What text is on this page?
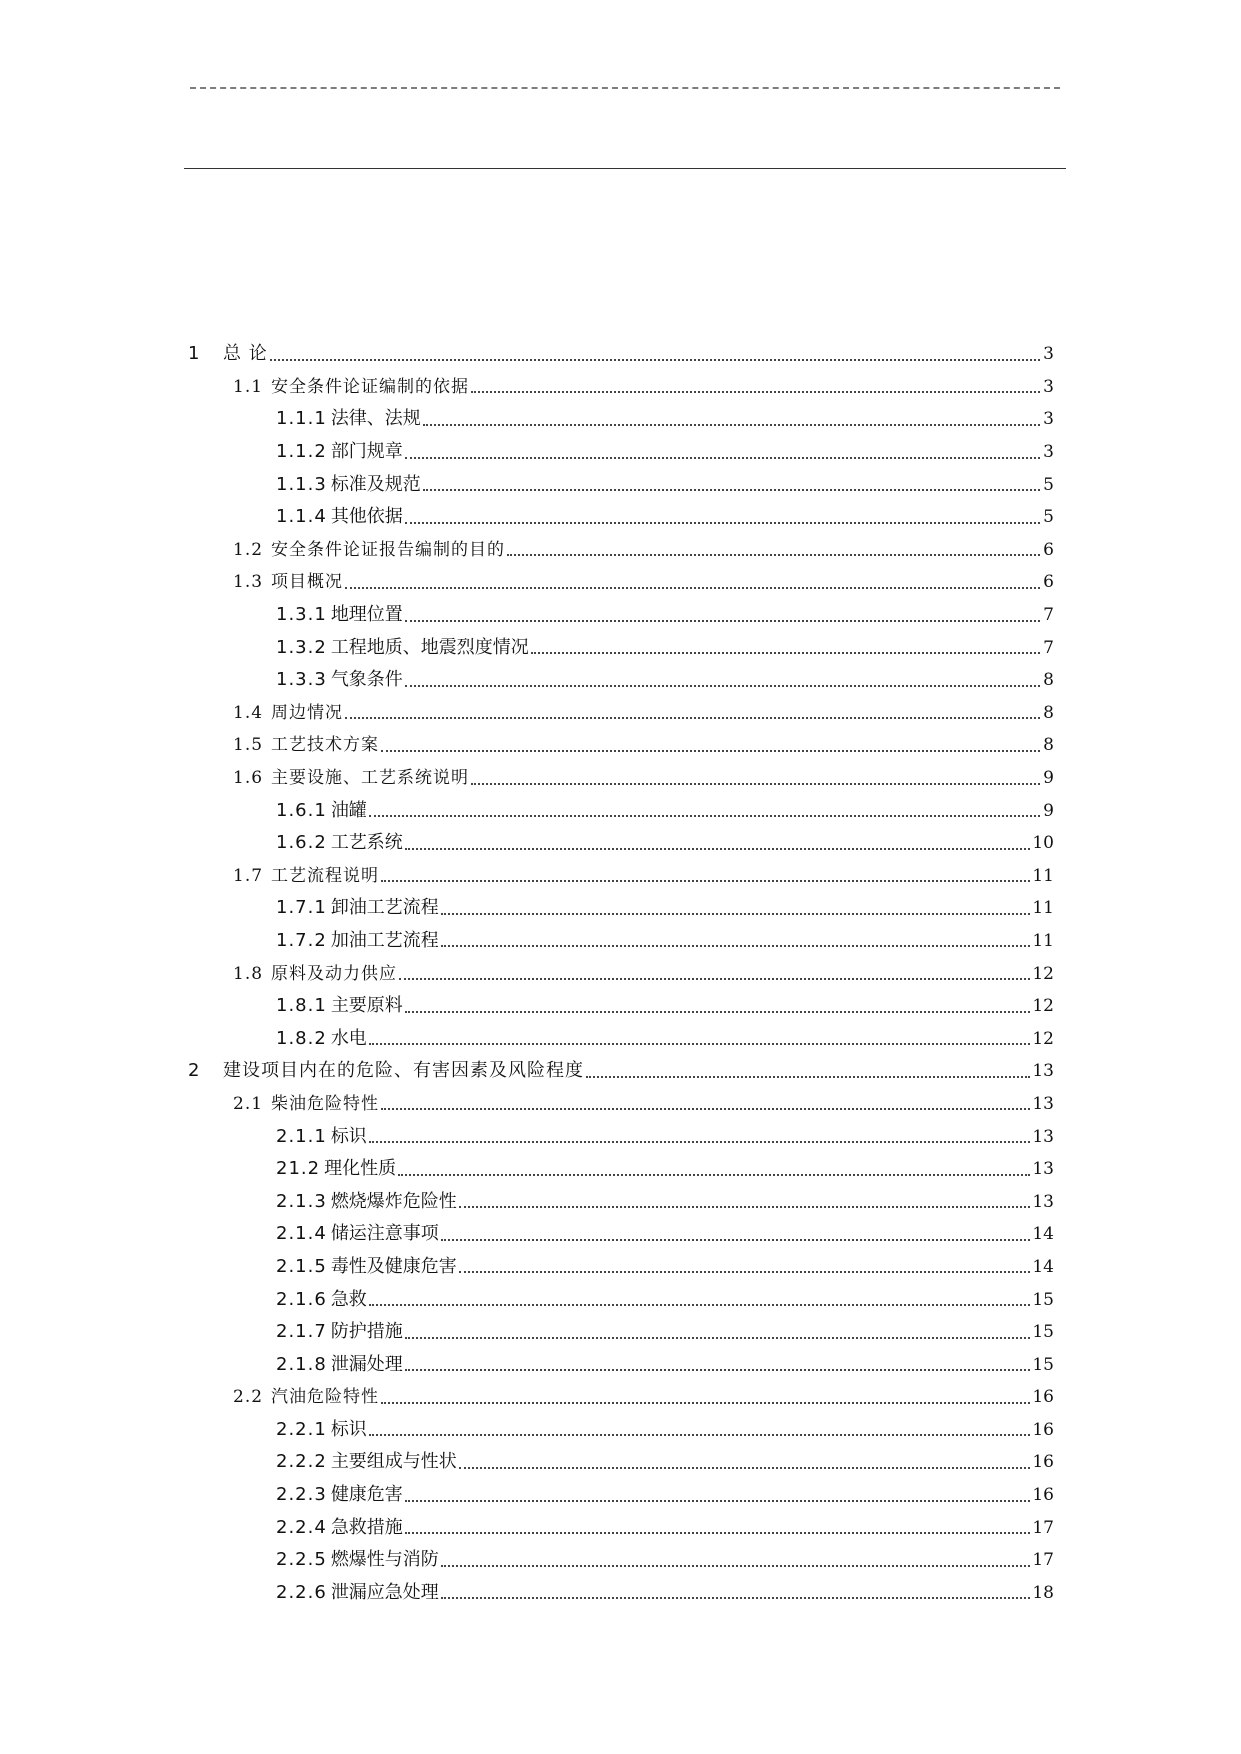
1	总 论	3
1.1 安全条件论证编制的依据	3
1.1.1 法律、法规	3
1.1.2 部门规章	3
1.1.3 标准及规范	5
1.1.4 其他依据	5
1.2 安全条件论证报告编制的目的	6
1.3 项目概况	6
1.3.1 地理位置	7
1.3.2 工程地质、地震烈度情况	7
1.3.3 气象条件	8
1.4 周边情况	8
1.5 工艺技术方案	8
1.6 主要设施、工艺系统说明	9
1.6.1 油罐	9
1.6.2 工艺系统	10
1.7 工艺流程说明	11
1.7.1 卸油工艺流程	11
1.7.2 加油工艺流程	11
1.8 原料及动力供应	12
1.8.1 主要原料	12
1.8.2 水电	12
2	建设项目内在的危险、有害因素及风险程度	13
2.1 柴油危险特性	13
2.1.1 标识	13
21.2 理化性质	13
2.1.3 燃烧爆炸危险性	13
2.1.4 储运注意事项	14
2.1.5 毒性及健康危害	14
2.1.6 急救	15
2.1.7 防护措施	15
2.1.8 泄漏处理	15
2.2 汽油危险特性	16
2.2.1 标识	16
2.2.2 主要组成与性状	16
2.2.3 健康危害	16
2.2.4 急救措施	17
2.2.5 燃爆性与消防	17
2.2.6 泄漏应急处理	18
